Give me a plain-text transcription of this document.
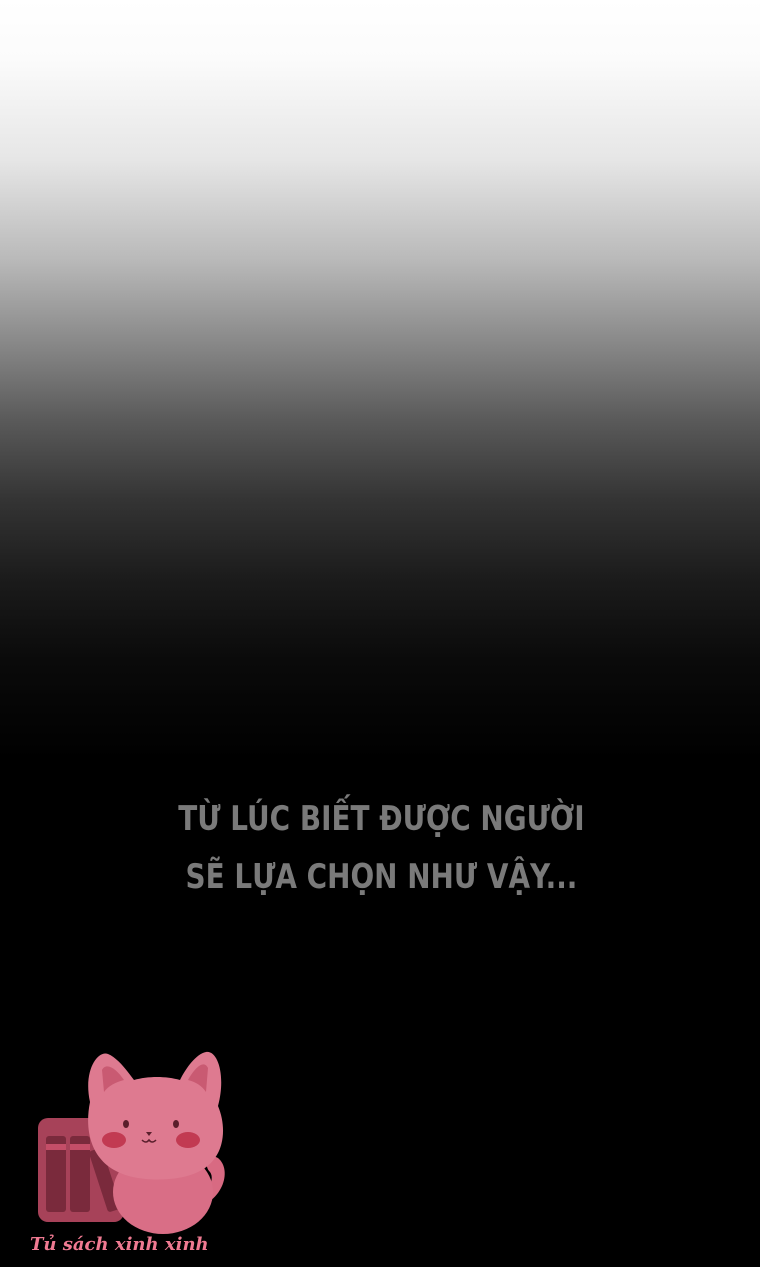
TỪ LÚC BIẾT ĐƯỢC NGƯỜI
SẼ LỰA CHỌN NHƯ VẬY...
Tủ sách xinh xinh
